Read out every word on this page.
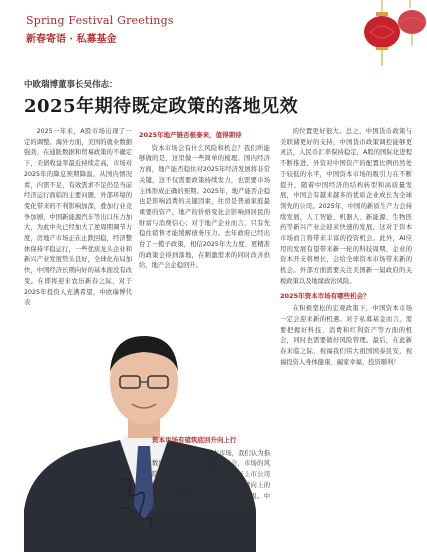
Spring Festival Greetings
新春寄语 · 私募基金
中欧瑞博董事长吴伟志：
2025年期待既定政策的落地见效

2025一年来，A股市场出现了一定的调整。海外方面，美国的就业数据强劲，在通胀数据和贸易政策的不确定下，美债收益率最近持续走高，市场对2025年的降息预期降温。从国内情况看，内需不足、有效需求不足仍是当前经济运行面临的主要问题，外部环境的变化带来的不利影响加深，叠加行业竞争加剧，中国新能源汽车等出口压力加大，为此中央已经加大了逆周期调节力度，房地产市场正在止跌回稳，经济整体保持平稳运行，一些优质龙头企业和新兴产业发展势头良好，全球化布局加快，中国经济长期向好的基本面没有改变。在即将迎来农历新春之际，对于2025年投资人充满希望，中欧瑞博代表

2025年地产链否极泰来，值得期待

资本市场会有什么风险和机会？我们所能够做的是，这里做一些简单的梳理。国内经济方面，地产能否稳住对2025年经济发展将非常关键，这不仅需要政策持续发力，也需要市场主体形成正确的预期。2025年，地产能否企稳也是影响消费的关键因素，住房是普通家庭最重要的资产，地产的价格变化会影响到居民的财富与消费信心；对于地产企业而言，只有先稳住销售才能缓解债务压力。去年政府已经出台了一揽子政策，相信2025年大力度、更精准的政策会得到落地，在刺激需求的同时改善供给，地产会企稳回升。

资本市场有望筑底回升向上行

对于2025年的资本市场，我们认为指数层面会出现重心上行的机会，市场的风险偏好也在逐步修复，持续看好上市公司的业绩改善带来的投资机会，稳健向上的资本市场会给投资人带来更好的回报。中国的经济周期与美欧经济周期所处

的位置更好很大。总之，中国货币政策与美联储更好的支持，中国货币政策调控能够更灵活，人民币汇率保持稳定，A股的国际化进程不断推进，外资对中国资产的配置比例仍然处于较低的水平，中国资本市场的吸引力在不断提升，随着中国经济的结构转型和高质量发展，中国会有越来越多的优质企业成长为全球领先的公司。2025年，中国的新质生产力会持续发展，人工智能、机器人、新能源、生物医药等新兴产业会迎来快速的发展，这对于资本市场而言将带来丰富的投资机会。此外，AI应用的发展有望带来新一轮的科技周期，企业的资本开支将增长，会给全球资本市场带来新的机会。外部方面需要关注美国新一届政府的关税政策以及地缘政治风险。

2025年资本市场有哪些机会？

在积极宽松的宏观政策下，中国资本市场一定会迎来新的机遇。对于私募基金而言，需要把握好科技、消费和红利资产等方面的机会，同时也需要做好风险管理。最后，在此新春来临之际，祝福我们伟大祖国国泰民安，祝福投资人身体健康、阖家幸福、投资顺利！
